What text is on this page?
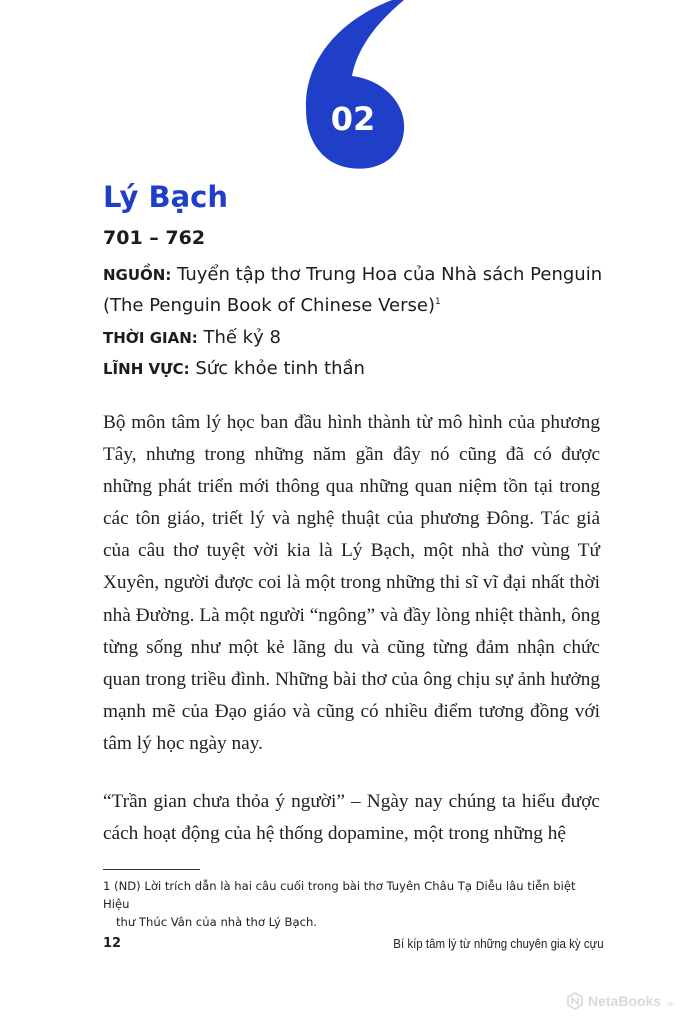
02
Lý Bạch
701 – 762
NGUỒN: Tuyển tập thơ Trung Hoa của Nhà sách Penguin
(The Penguin Book of Chinese Verse)$^1$
THỜI GIAN: Thế kỷ 8
LĨNH VỰC: Sức khỏe tinh thần

Bộ môn tâm lý học ban đầu hình thành từ mô hình của phương Tây, nhưng trong những năm gần đây nó cũng đã có được những phát triển mới thông qua những quan niệm tồn tại trong các tôn giáo, triết lý và nghệ thuật của phương Đông. Tác giả của câu thơ tuyệt vời kia là Lý Bạch, một nhà thơ vùng Tứ Xuyên, người được coi là một trong những thi sĩ vĩ đại nhất thời nhà Đường. Là một người “ngông” và đầy lòng nhiệt thành, ông từng sống như một kẻ lãng du và cũng từng đảm nhận chức quan trong triều đình. Những bài thơ của ông chịu sự ảnh hưởng mạnh mẽ của Đạo giáo và cũng có nhiều điểm tương đồng với tâm lý học ngày nay.

“Trần gian chưa thỏa ý người” – Ngày nay chúng ta hiểu được cách hoạt động của hệ thống dopamine, một trong những hệ

1 (ND) Lời trích dẫn là hai câu cuối trong bài thơ Tuyên Châu Tạ Diễu lâu tiễn biệt Hiệu
thư Thúc Vân của nhà thơ Lý Bạch.
12	Bí kíp tâm lý từ những chuyên gia kỳ cựu
NetaBooks .vn
